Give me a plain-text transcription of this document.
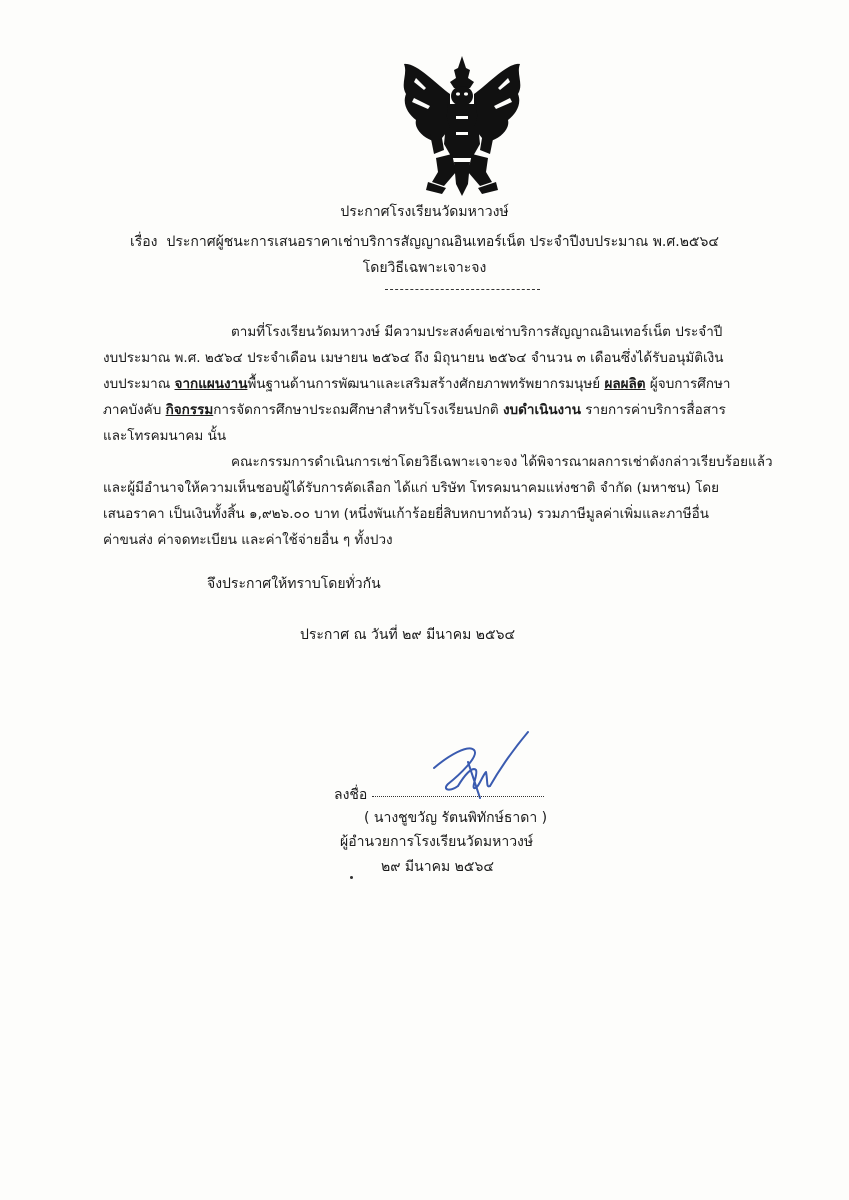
ประกาศโรงเรียนวัดมหาวงษ์
เรื่อง ประกาศผู้ชนะการเสนอราคาเช่าบริการสัญญาณอินเทอร์เน็ต ประจำปีงบประมาณ พ.ศ.๒๕๖๔
โดยวิธีเฉพาะเจาะจง
ตามที่โรงเรียนวัดมหาวงษ์ มีความประสงค์ขอเช่าบริการสัญญาณอินเทอร์เน็ต ประจำปี
งบประมาณ พ.ศ. ๒๕๖๔ ประจำเดือน เมษายน ๒๕๖๔ ถึง มิถุนายน ๒๕๖๔ จำนวน ๓ เดือนซึ่งได้รับอนุมัติเงิน
งบประมาณ จากแผนงานพื้นฐานด้านการพัฒนาและเสริมสร้างศักยภาพทรัพยากรมนุษย์ ผลผลิต ผู้จบการศึกษา
ภาคบังคับ กิจกรรมการจัดการศึกษาประถมศึกษาสำหรับโรงเรียนปกติ งบดำเนินงาน รายการค่าบริการสื่อสาร
และโทรคมนาคม นั้น
คณะกรรมการดำเนินการเช่าโดยวิธีเฉพาะเจาะจง ได้พิจารณาผลการเช่าดังกล่าวเรียบร้อยแล้ว
และผู้มีอำนาจให้ความเห็นชอบผู้ได้รับการคัดเลือก ได้แก่ บริษัท โทรคมนาคมแห่งชาติ จำกัด (มหาชน) โดย
เสนอราคา เป็นเงินทั้งสิ้น ๑,๙๒๖.๐๐ บาท (หนึ่งพันเก้าร้อยยี่สิบหกบาทถ้วน) รวมภาษีมูลค่าเพิ่มและภาษีอื่น
ค่าขนส่ง ค่าจดทะเบียน และค่าใช้จ่ายอื่น ๆ ทั้งปวง
จึงประกาศให้ทราบโดยทั่วกัน
ประกาศ ณ วันที่ ๒๙ มีนาคม ๒๕๖๔
ลงชื่อ
( นางชูขวัญ รัตนพิทักษ์ธาดา )
ผู้อำนวยการโรงเรียนวัดมหาวงษ์
๒๙ มีนาคม ๒๕๖๔
